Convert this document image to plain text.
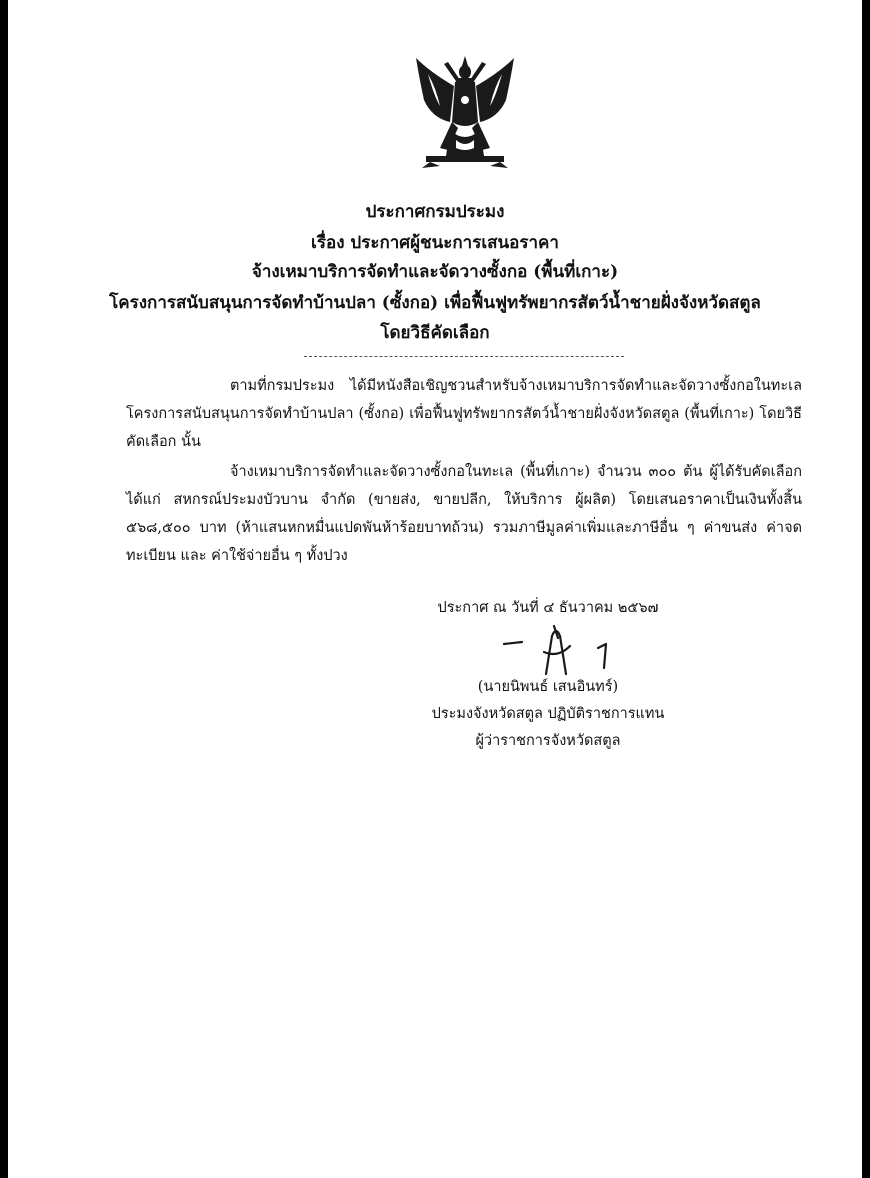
ประกาศกรมประมง
เรื่อง ประกาศผู้ชนะการเสนอราคา
จ้างเหมาบริการจัดทำและจัดวางซั้งกอ (พื้นที่เกาะ)
โครงการสนับสนุนการจัดทำบ้านปลา (ซั้งกอ) เพื่อฟื้นฟูทรัพยากรสัตว์น้ำชายฝั่งจังหวัดสตูล
โดยวิธีคัดเลือก
ตามที่กรมประมง ได้มีหนังสือเชิญชวนสำหรับจ้างเหมาบริการจัดทำและจัดวางซั้งกอในทะเล โครงการสนับสนุนการจัดทำบ้านปลา (ซั้งกอ) เพื่อฟื้นฟูทรัพยากรสัตว์น้ำชายฝั่งจังหวัดสตูล (พื้นที่เกาะ) โดยวิธีคัดเลือก นั้น
จ้างเหมาบริการจัดทำและจัดวางซั้งกอในทะเล (พื้นที่เกาะ) จำนวน ๓๐๐ ต้น ผู้ได้รับคัดเลือก ได้แก่ สหกรณ์ประมงบัวบาน จำกัด (ขายส่ง, ขายปลีก, ให้บริการ ผู้ผลิต) โดยเสนอราคาเป็นเงินทั้งสิ้น ๕๖๘,๕๐๐ บาท (ห้าแสนหกหมื่นแปดพันห้าร้อยบาทถ้วน) รวมภาษีมูลค่าเพิ่มและภาษีอื่น ๆ ค่าขนส่ง ค่าจดทะเบียน และ ค่าใช้จ่ายอื่น ๆ ทั้งปวง
ประกาศ ณ วันที่ ๔ ธันวาคม ๒๕๖๗
(นายนิพนธ์ เสนอินทร์)
ประมงจังหวัดสตูล ปฏิบัติราชการแทน
ผู้ว่าราชการจังหวัดสตูล
